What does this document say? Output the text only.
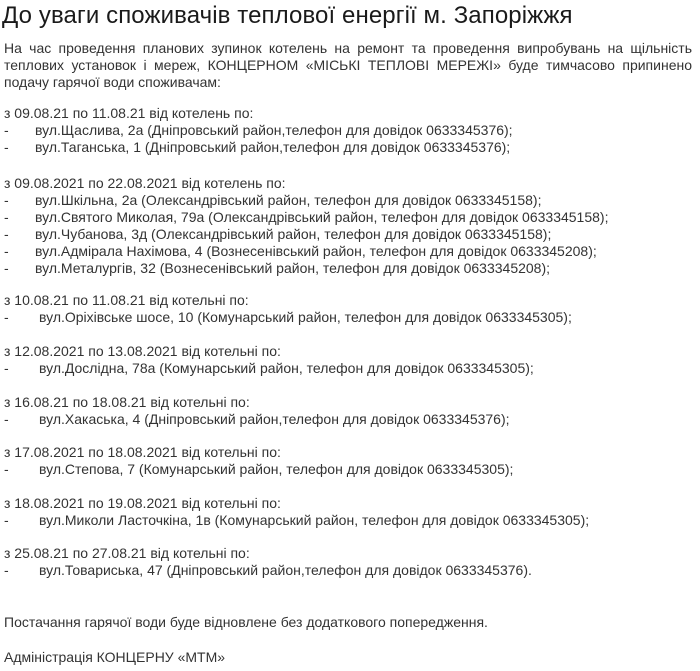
До уваги споживачів теплової енергії м. Запоріжжя

На час проведення планових зупинок котелень на ремонт та проведення випробувань на щільність
теплових установок і мереж, КОНЦЕРНОМ «МІСЬКІ ТЕПЛОВІ МЕРЕЖІ» будe тимчасово припинено
подачу гарячої води споживачам:

з 09.08.21 по 11.08.21 від котелень по:
- вул.Щаслива, 2а (Дніпровський район,телефон для довідок 0633345376);
- вул.Таганська, 1 (Дніпровський район,телефон для довідок 0633345376);
з 09.08.2021 по 22.08.2021 від котелень по:
- вул.Шкільна, 2а (Олександрівський район, телефон для довідок 0633345158);
- вул.Святого Миколая, 79а (Олександрівський район, телефон для довідок 0633345158);
- вул.Чубанова, 3д (Олександрівський район, телефон для довідок 0633345158);
- вул.Адмірала Нахімова, 4 (Вознесенівський район, телефон для довідок 0633345208);
- вул.Металургів, 32 (Вознесенівський район, телефон для довідок 0633345208);
з 10.08.21 по 11.08.21 від котельні по:
- вул.Оріхівське шосе, 10 (Комунарський район, телефон для довідок 0633345305);
з 12.08.2021 по 13.08.2021 від котельні по:
- вул.Дослідна, 78а (Комунарський район, телефон для довідок 0633345305);
з 16.08.21 по 18.08.21 від котельні по:
- вул.Хакаська, 4 (Дніпровський район,телефон для довідок 0633345376);
з 17.08.2021 по 18.08.2021 від котельні по:
- вул.Степова, 7 (Комунарський район, телефон для довідок 0633345305);
з 18.08.2021 по 19.08.2021 від котельні по:
- вул.Миколи Ласточкіна, 1в (Комунарський район, телефон для довідок 0633345305);
з 25.08.21 по 27.08.21 від котельні по:
- вул.Товариська, 47 (Дніпровський район,телефон для довідок 0633345376).

Постачання гарячої води буде відновлене без додаткового попередження.

Адміністрація КОНЦЕРНУ «МТМ»
